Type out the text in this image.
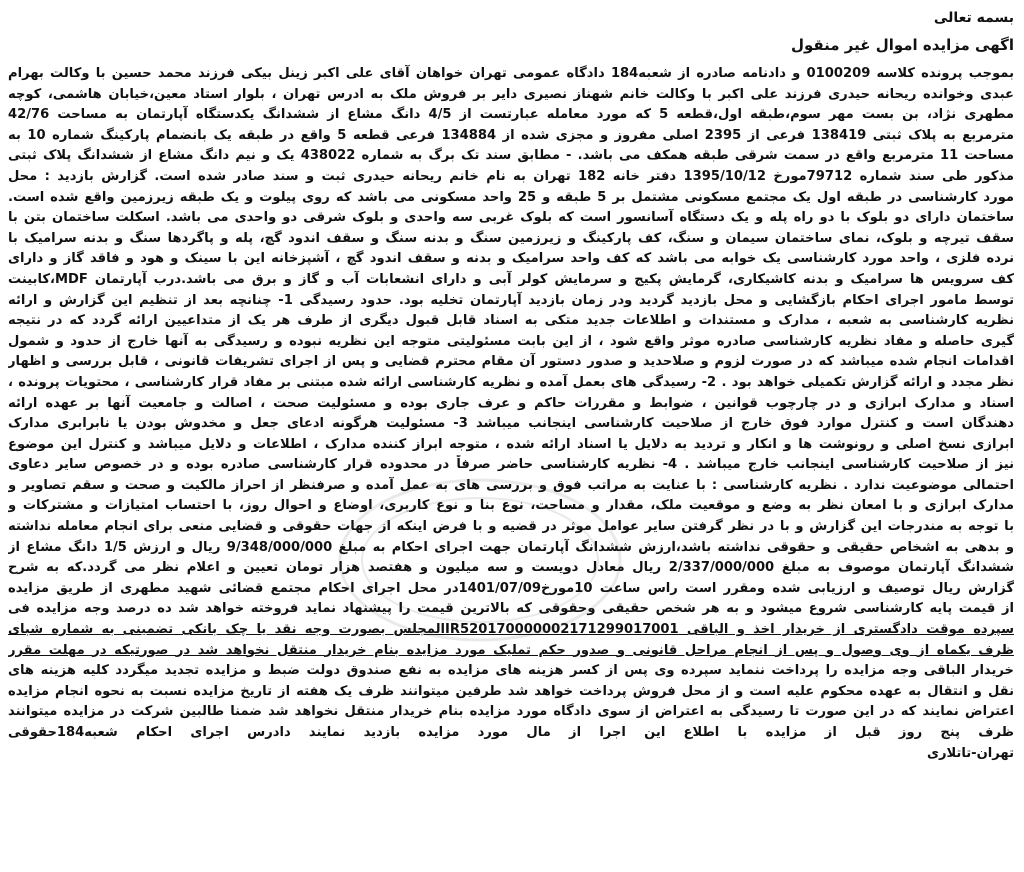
بسمه تعالی
اگهی مزایده اموال غیر منقول
بموجب پرونده کلاسه 0100209 و دادنامه صادره از شعبه184 دادگاه عمومی تهران خواهان آقای علی اکبر زینل بیکی فرزند محمد حسین با وکالت بهرام
عبدی وخوانده ریحانه حیدری فرزند علی اکبر با وکالت خانم شهناز نصیری دایر بر فروش ملک به ادرس تهران ، بلوار استاد معین،خیابان هاشمی، کوچه
مطهری نژاد، بن بست مهر سوم،طبقه اول،قطعه 5 که مورد معامله عبارتست از 4/5 دانگ مشاع از ششدانگ یکدستگاه آپارتمان به مساحت 42/76
مترمربع به پلاک ثبتی 138419 فرعی از 2395 اصلی مفروز و مجزی شده از 134884 فرعی قطعه 5 واقع در طبقه یک بانضمام پارکینگ شماره 10 به
مساحت 11 مترمربع واقع در سمت شرقی طبقه همکف می باشد. - مطابق سند تک برگ به شماره 438022 یک و نیم دانگ مشاع از ششدانگ پلاک ثبتی
مذکور طی سند شماره 79712مورخ 1395/10/12 دفتر خانه 182 تهران به نام خانم ریحانه حیدری ثبت و سند صادر شده است. گزارش بازدید : محل
مورد کارشناسی در طبقه اول یک مجتمع مسکونی مشتمل بر 5 طبقه و 25 واحد مسکونی می باشد که روی پیلوت و یک طبقه زیرزمین واقع شده است.
ساختمان دارای دو بلوک با دو راه پله و یک دستگاه آسانسور است که بلوک غربی سه واحدی و بلوک شرقی دو واحدی می باشد. اسکلت ساختمان بتن با
سقف تیرچه و بلوک، نمای ساختمان سیمان و سنگ، کف پارکینگ و زیرزمین سنگ و بدنه سنگ و سقف اندود گچ، پله و پاگردها سنگ و بدنه سرامیک با
نرده فلزی ، واحد مورد کارشناسی یک خوابه می باشد که کف واحد سرامیک و بدنه و سقف اندود گچ ، آشپزخانه این با سینک و هود و فاقد گاز و دارای
کف سرویس ها سرامیک و بدنه کاشیکاری، گرمایش پکیج و سرمایش کولر آبی و دارای انشعابات آب و گاز و برق می باشد.درب آپارتمان MDF،کابینت
توسط مامور اجرای احکام بازگشایی و محل بازدید گردید ودر زمان بازدید آپارتمان تخلیه بود. حدود رسیدگی 1- چنانچه بعد از تنظیم این گزارش و ارائه
نظریه کارشناسی به شعبه ، مدارک و مستندات و اطلاعات جدید متکی به اسناد قابل قبول دیگری از طرف هر یک از متداعیین ارائه گردد که در نتیجه
گیری حاصله و مفاد نظریه کارشناسی صادره موثر واقع شود ، از این بابت مسئولیتی متوجه این نظریه نبوده و رسیدگی به آنها خارج از حدود و شمول
اقدامات انجام شده میباشد که در صورت لزوم و صلاحدید و صدور دستور آن مقام محترم قضایی و پس از اجرای تشریفات قانونی ، قابل بررسی و اظهار
نظر مجدد و ارائه گزارش تکمیلی خواهد بود . 2- رسیدگی های بعمل آمده و نظریه کارشناسی ارائه شده مبتنی بر مفاد قرار کارشناسی ، محتویات پرونده ،
اسناد و مدارک ابرازی و در چارچوب قوانین ، ضوابط و مقررات حاکم و عرف جاری بوده و مسئولیت صحت ، اصالت و جامعیت آنها بر عهده ارائه
دهندگان است و کنترل موارد فوق خارج از صلاحیت کارشناسی اینجانب میباشد 3- مسئولیت هرگونه ادعای جعل و مخدوش بودن یا نابرابری مدارک
ابرازی نسخ اصلی و رونوشت ها و انکار و تردید به دلایل یا اسناد ارائه شده ، متوجه ابراز کننده مدارک ، اطلاعات و دلایل میباشد و کنترل این موضوع
نیز از صلاحیت کارشناسی اینجانب خارج میباشد . 4- نظریه کارشناسی حاضر صرفاً در محدوده قرار کارشناسی صادره بوده و در خصوص سایر دعاوی
احتمالی موضوعیت ندارد . نظریه کارشناسی : با عنایت به مراتب فوق و بررسی های به عمل آمده و صرفنظر از احراز مالکیت و صحت و سقم تصاویر و
مدارک ابرازی و با امعان نظر به وضع و موقعیت ملک، مقدار و مساحت، نوع بنا و نوع کاربری، اوضاع و احوال روز، با احتساب امتیازات و مشترکات و
با توجه به مندرجات این گزارش و با در نظر گرفتن سایر عوامل موثر در قضیه و با فرض اینکه از جهات حقوقی و قضایی منعی برای انجام معامله نداشته
و بدهی به اشخاص حقیقی و حقوقی نداشته باشد،ارزش ششدانگ آپارتمان جهت اجرای احکام به مبلغ 9/348/000/000 ریال و ارزش 1/5 دانگ مشاع از
ششدانگ آپارتمان موصوف به مبلغ 2/337/000/000 ریال معادل دویست و سه میلیون و هفتصد هزار تومان تعیین و اعلام نظر می گردد.که به شرح
گزارش ریال توصیف و ارزیابی شده ومقرر است راس ساعت 10مورخ1401/07/09در محل اجرای احکام مجتمع قضائی شهید مطهری از طریق مزایده
از قیمت پایه کارشناسی شروع میشود و به هر شخص حقیقی وحقوقی که بالاترین قیمت را پیشنهاد نماید فروخته خواهد شد ده درصد وجه مزایده فی
سپرده موقت دادگستری از خریدار اخذ و الباقی IR520170000002171299017001المجلس بصورت وجه نقد یا چک بانکی تضمینی به شماره شبای
ظرف یکماه از وی وصول و پس از انجام مراحل قانونی و صدور حکم تملیک مورد مزایده بنام خریدار منتقل نخواهد شد در صورتیکه در مهلت مقرر
خریدار الباقی وجه مزایده را پرداخت ننماید سپرده وی پس از کسر هزینه های مزایده به نفع صندوق دولت ضبط و مزایده تجدید میگردد کلیه هزینه های
نقل و انتقال به عهده محکوم علیه است و از محل فروش پرداخت خواهد شد طرفین میتوانند ظرف یک هفته از تاریخ مزایده نسبت به نحوه انجام مزایده
اعتراض نمایند که در این صورت تا رسیدگی به اعتراض از سوی دادگاه مورد مزایده بنام خریدار منتقل نخواهد شد ضمنا طالبین شرکت در مزایده میتوانند
ظرف پنج روز قبل از مزایده با اطلاع این اجرا از مال مورد مزایده بازدید نمایند دادرس اجرای احکام شعبه184حقوقی
تهران-تاتلاری
